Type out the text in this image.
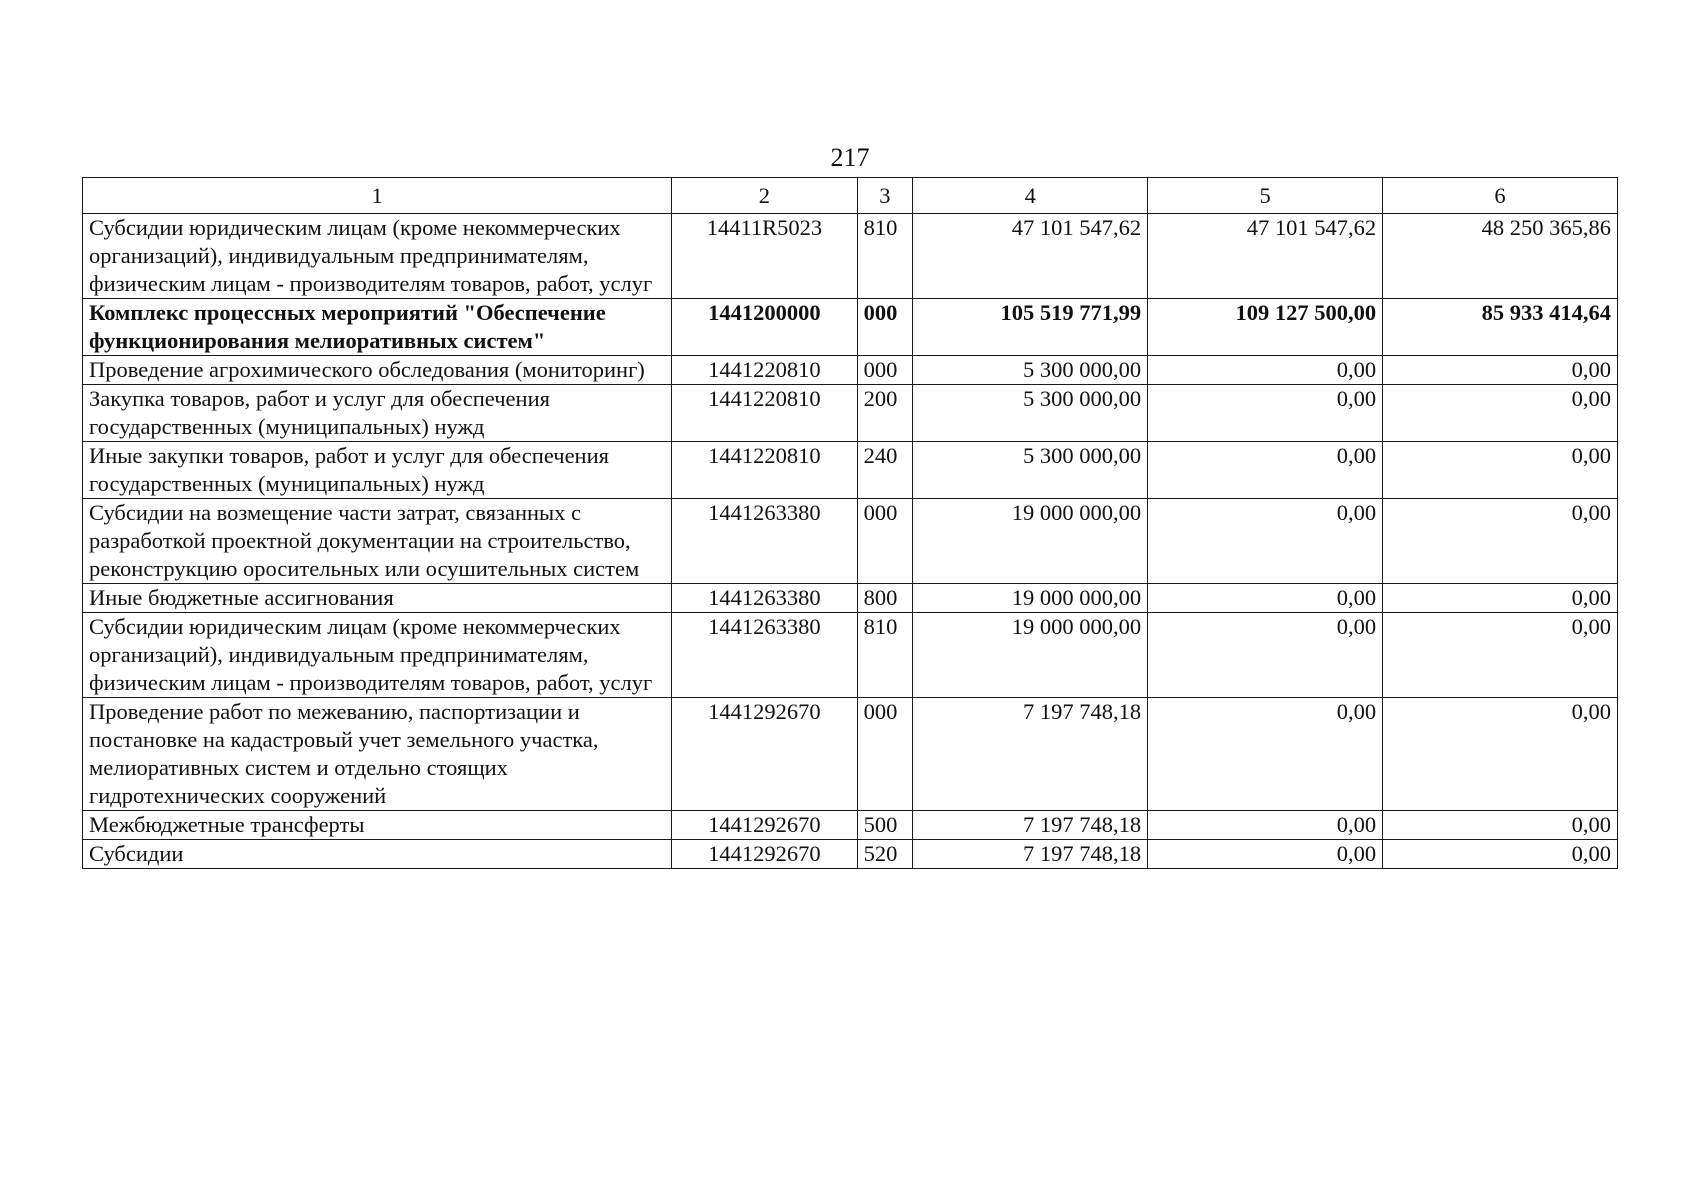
217
1	2	3	4	5	6
Субсидии юридическим лицам (кроме некоммерческих организаций), индивидуальным предпринимателям, физическим лицам - производителям товаров, работ, услуг	14411R5023	810	47 101 547,62	47 101 547,62	48 250 365,86
Комплекс процессных мероприятий "Обеспечение функционирования мелиоративных систем"	1441200000	000	105 519 771,99	109 127 500,00	85 933 414,64
Проведение агрохимического обследования (мониторинг)	1441220810	000	5 300 000,00	0,00	0,00
Закупка товаров, работ и услуг для обеспечения государственных (муниципальных) нужд	1441220810	200	5 300 000,00	0,00	0,00
Иные закупки товаров, работ и услуг для обеспечения государственных (муниципальных) нужд	1441220810	240	5 300 000,00	0,00	0,00
Субсидии на возмещение части затрат, связанных с разработкой проектной документации на строительство, реконструкцию оросительных или осушительных систем	1441263380	000	19 000 000,00	0,00	0,00
Иные бюджетные ассигнования	1441263380	800	19 000 000,00	0,00	0,00
Субсидии юридическим лицам (кроме некоммерческих организаций), индивидуальным предпринимателям, физическим лицам - производителям товаров, работ, услуг	1441263380	810	19 000 000,00	0,00	0,00
Проведение работ по межеванию, паспортизации и постановке на кадастровый учет земельного участка, мелиоративных систем и отдельно стоящих гидротехнических сооружений	1441292670	000	7 197 748,18	0,00	0,00
Межбюджетные трансферты	1441292670	500	7 197 748,18	0,00	0,00
Субсидии	1441292670	520	7 197 748,18	0,00	0,00
